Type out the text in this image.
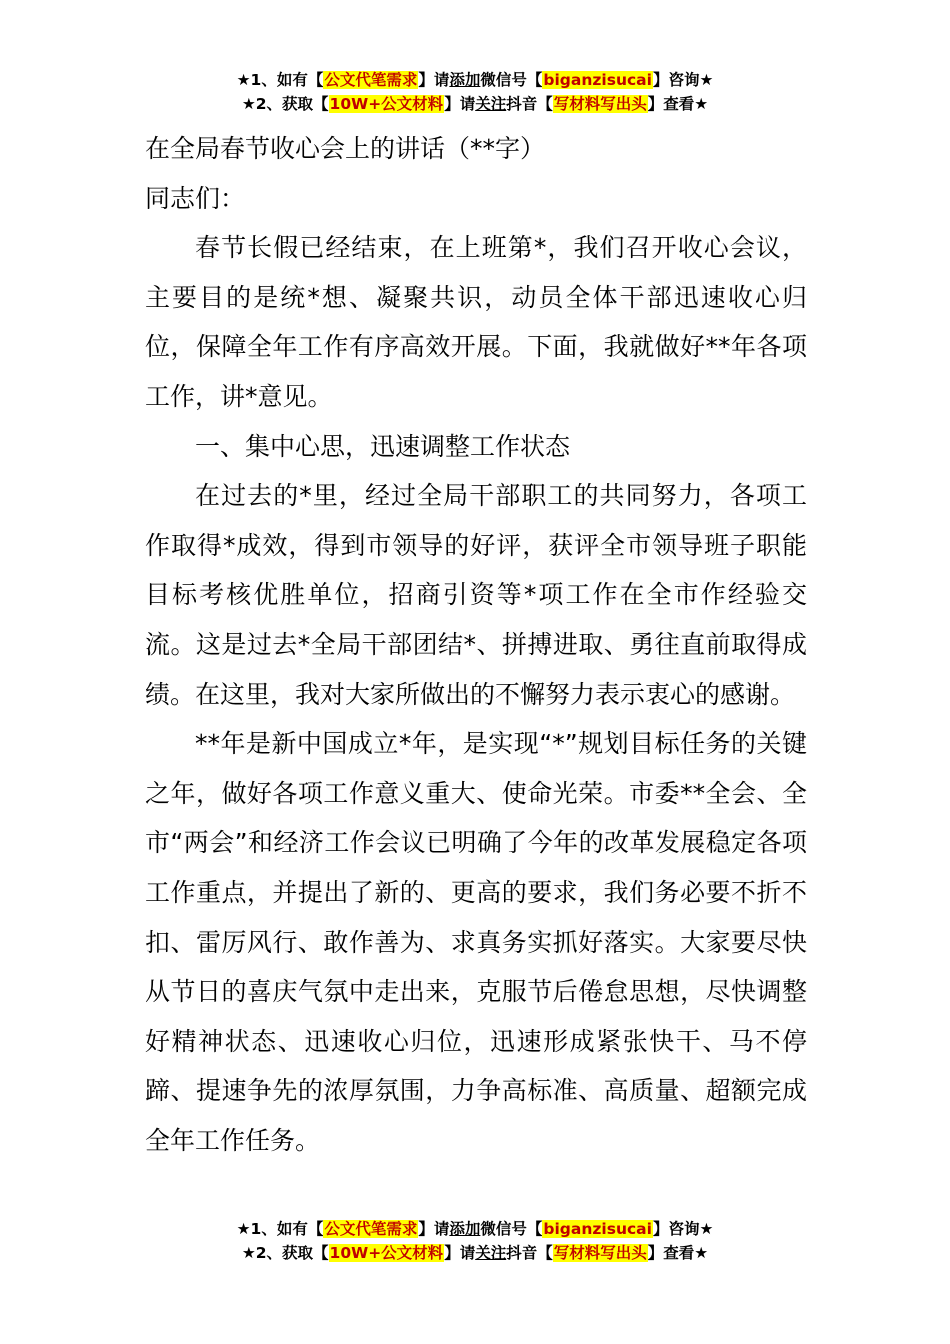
★1、如有【公文代笔需求】请添加微信号【biganzisucai】咨询★
★2、获取【10W+公文材料】请关注抖音【写材料写出头】查看★

在全局春节收心会上的讲话（**字）

同志们：

春节长假已经结束，在上班第*，我们召开收心会议，主要目的是统*想、凝聚共识，动员全体干部迅速收心归位，保障全年工作有序高效开展。下面，我就做好**年各项工作，讲*意见。

一、集中心思，迅速调整工作状态

在过去的*里，经过全局干部职工的共同努力，各项工作取得*成效，得到市领导的好评，获评全市领导班子职能目标考核优胜单位，招商引资等*项工作在全市作经验交流。这是过去*全局干部团结*、拼搏进取、勇往直前取得成绩。在这里，我对大家所做出的不懈努力表示衷心的感谢。

**年是新中国成立*年，是实现“*”规划目标任务的关键之年，做好各项工作意义重大、使命光荣。市委**全会、全市“两会”和经济工作会议已明确了今年的改革发展稳定各项工作重点，并提出了新的、更高的要求，我们务必要不折不扣、雷厉风行、敢作善为、求真务实抓好落实。大家要尽快从节日的喜庆气氛中走出来，克服节后倦怠思想，尽快调整好精神状态、迅速收心归位，迅速形成紧张快干、马不停蹄、提速争先的浓厚氛围，力争高标准、高质量、超额完成全年工作任务。

★1、如有【公文代笔需求】请添加微信号【biganzisucai】咨询★
★2、获取【10W+公文材料】请关注抖音【写材料写出头】查看★
